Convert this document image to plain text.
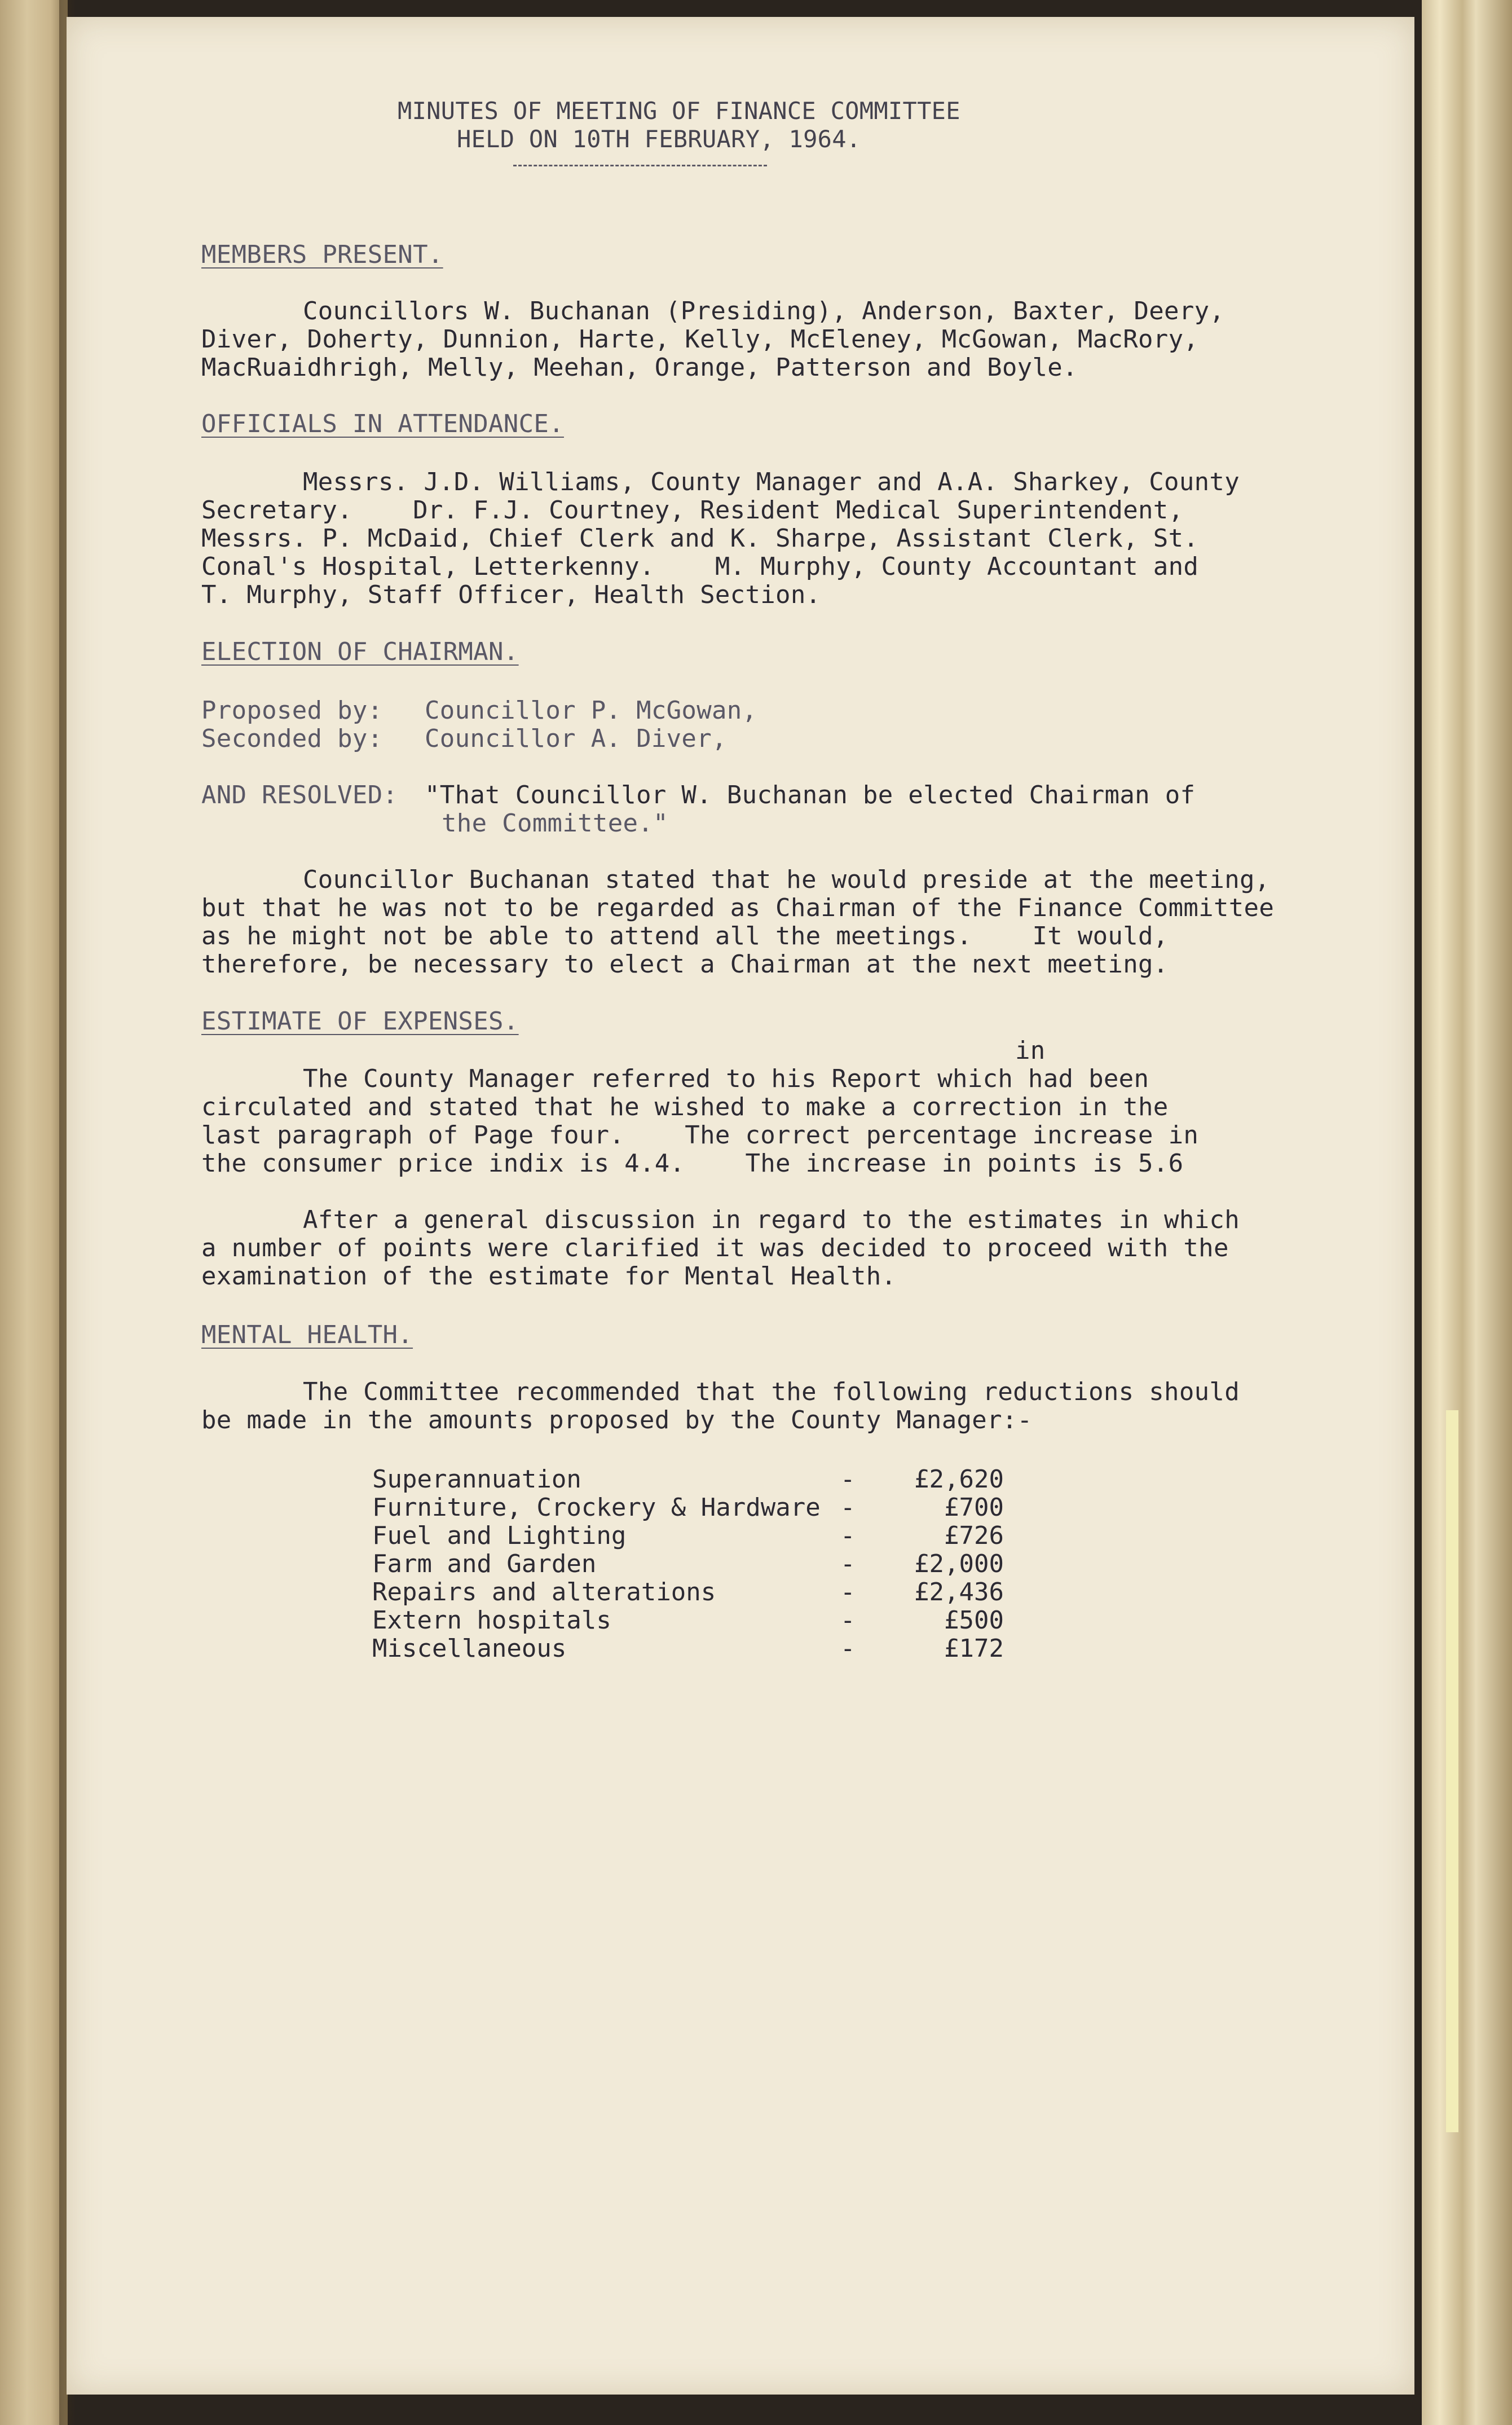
MINUTES OF MEETING OF FINANCE COMMITTEE

HELD ON 10TH FEBRUARY, 1964.

MEMBERS PRESENT.

Councillors W. Buchanan (Presiding), Anderson, Baxter, Deery,

Diver, Doherty, Dunnion, Harte, Kelly, McEleney, McGowan, MacRory,

MacRuaidhrigh, Melly, Meehan, Orange, Patterson and Boyle.

OFFICIALS IN ATTENDANCE.

Messrs. J.D. Williams, County Manager and A.A. Sharkey, County

Secretary.    Dr. F.J. Courtney, Resident Medical Superintendent,

Messrs. P. McDaid, Chief Clerk and K. Sharpe, Assistant Clerk, St.

Conal's Hospital, Letterkenny.    M. Murphy, County Accountant and

T. Murphy, Staff Officer, Health Section.

ELECTION OF CHAIRMAN.

Proposed by: Councillor P. McGowan,

Seconded by: Councillor A. Diver,

AND RESOLVED: "That Councillor W. Buchanan be elected Chairman of

the Committee."

Councillor Buchanan stated that he would preside at the meeting,

but that he was not to be regarded as Chairman of the Finance Committee

as he might not be able to attend all the meetings.    It would,

therefore, be necessary to elect a Chairman at the next meeting.

ESTIMATE OF EXPENSES.

in

The County Manager referred to his Report which had been

circulated and stated that he wished to make a correction in the

last paragraph of Page four.    The correct percentage increase in

the consumer price indix is 4.4.    The increase in points is 5.6

After a general discussion in regard to the estimates in which

a number of points were clarified it was decided to proceed with the

examination of the estimate for Mental Health.

MENTAL HEALTH.

The Committee recommended that the following reductions should

be made in the amounts proposed by the County Manager:-

Superannuation	- £2,620
Furniture, Crockery & Hardware -	£700
Fuel and Lighting	-	£726
Farm and Garden	- £2,000
Repairs and alterations	- £2,436
Extern hospitals	-	£500
Miscellaneous	-	£172
